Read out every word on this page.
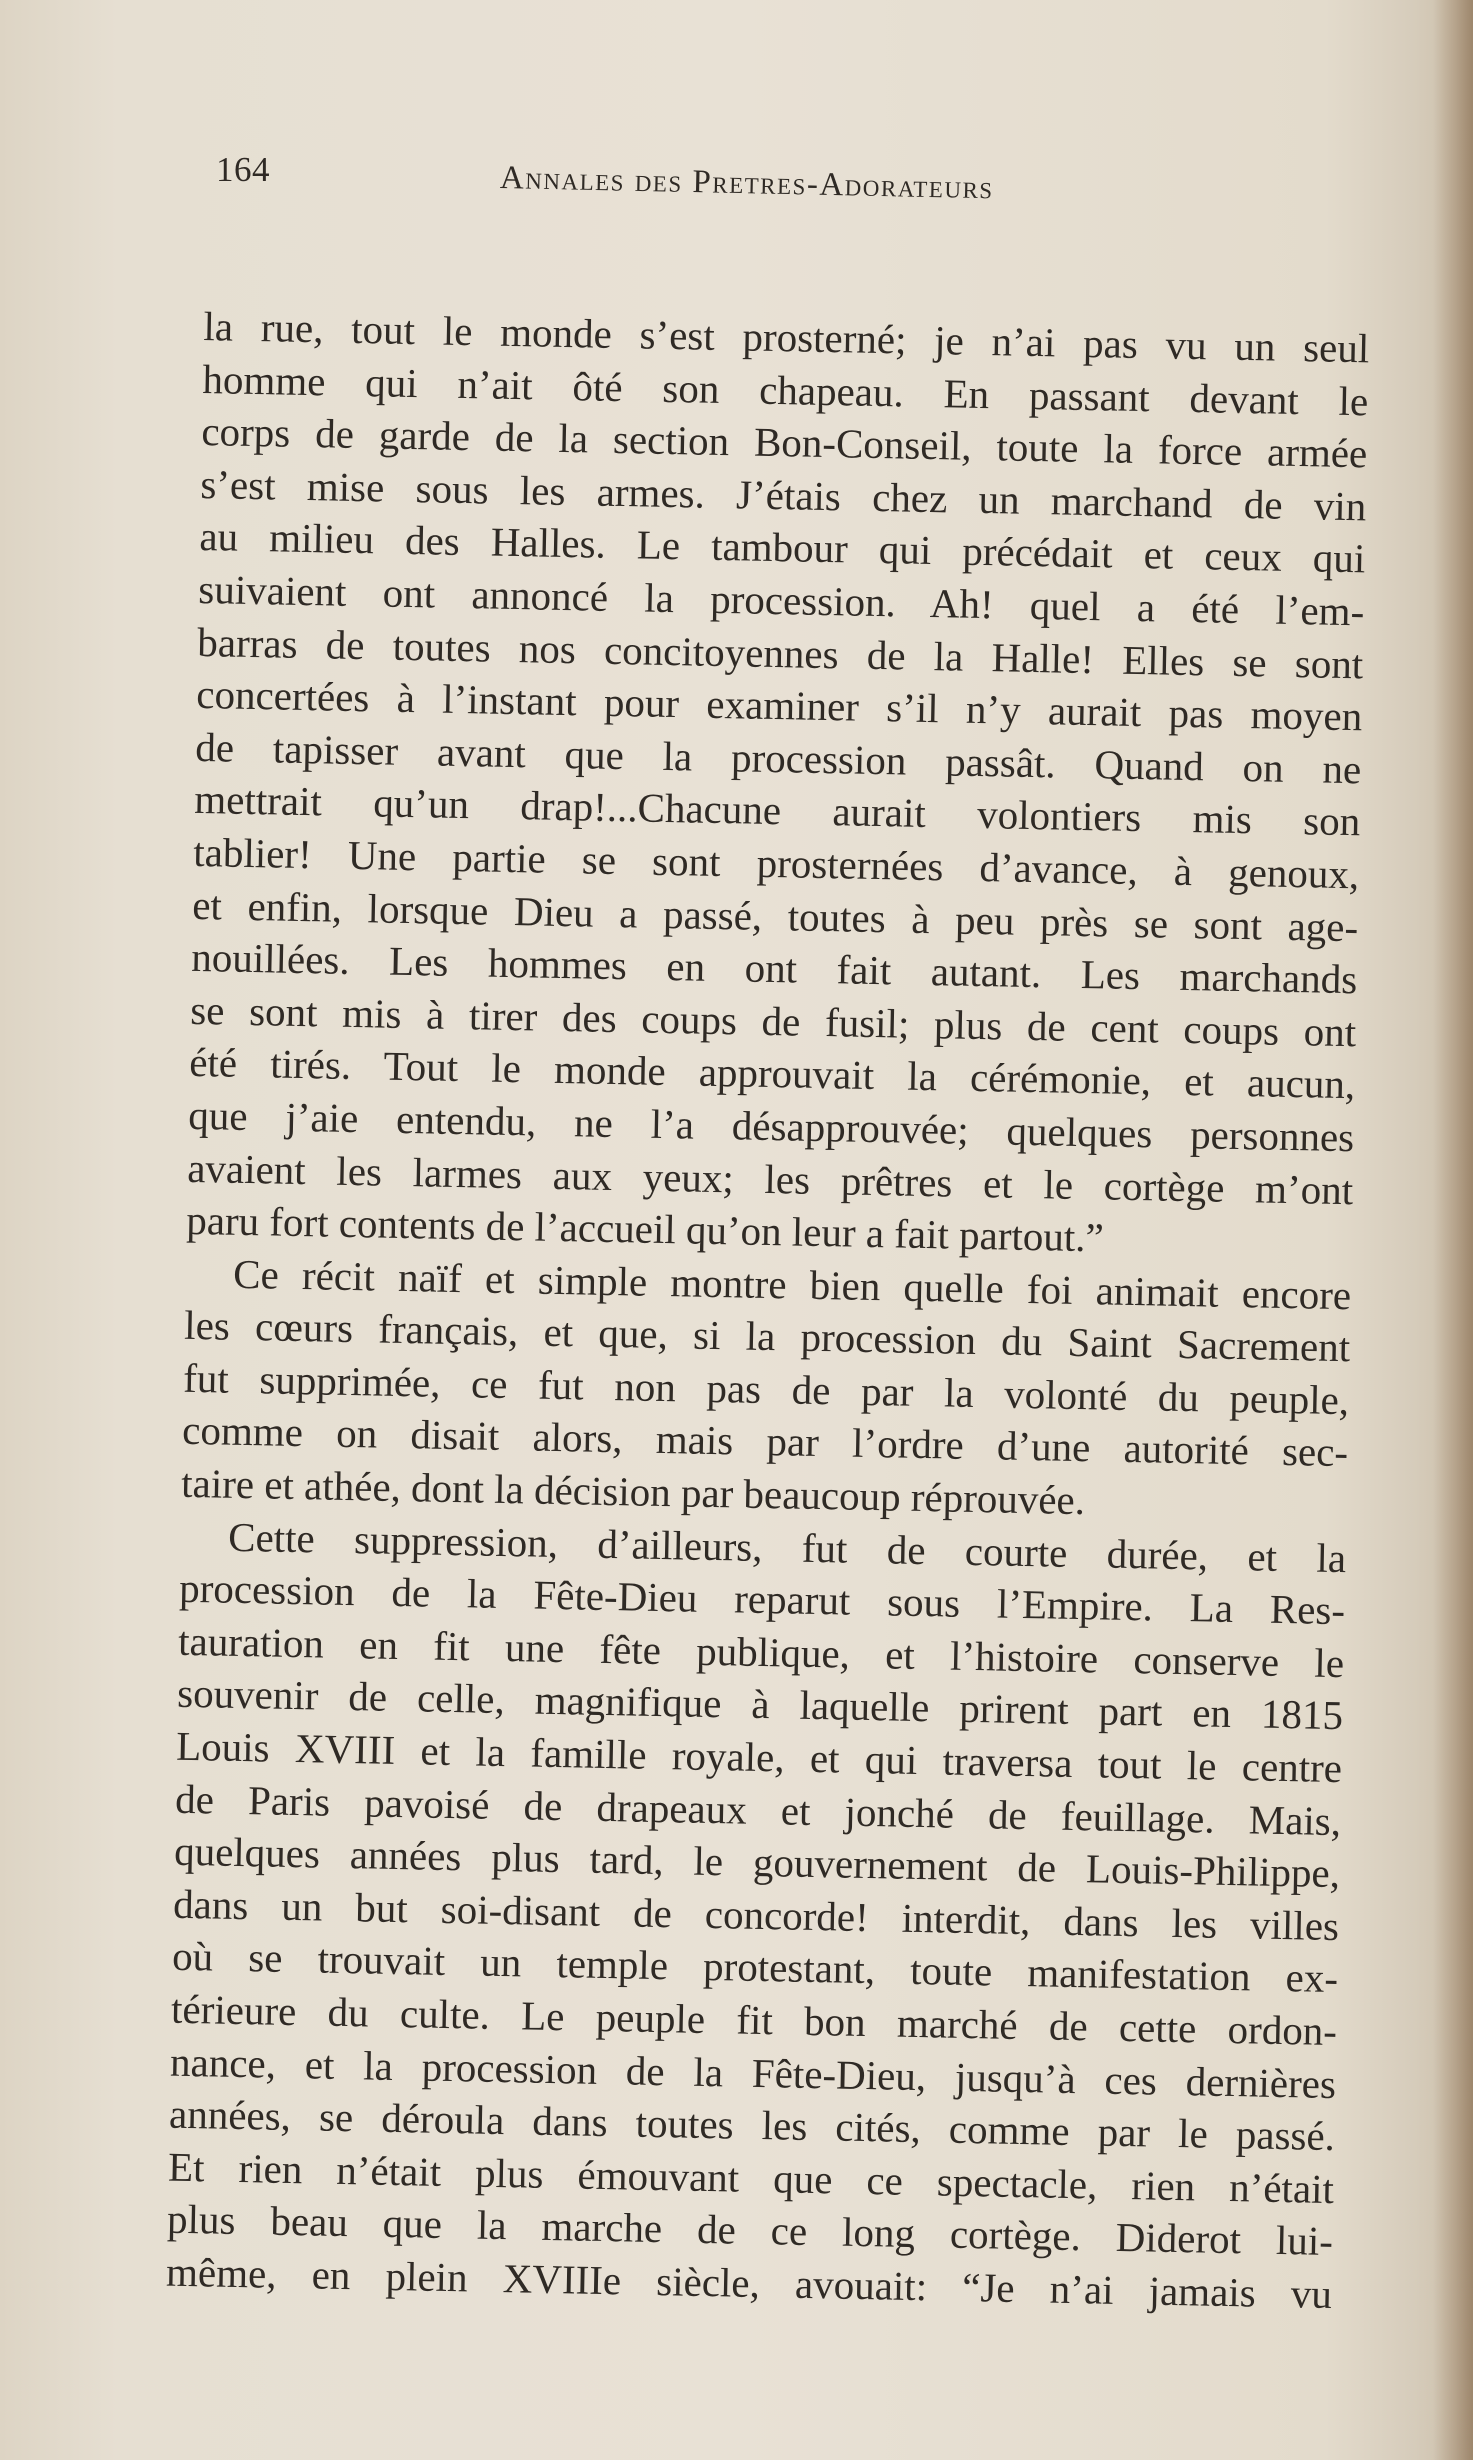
164	Annales des Pretres-Adorateurs
la rue, tout le monde s’est prosterné; je n’ai pas vu un seul
homme qui n’ait ôté son chapeau. En passant devant le
corps de garde de la section Bon-Conseil, toute la force armée
s’est mise sous les armes. J’étais chez un marchand de vin
au milieu des Halles. Le tambour qui précédait et ceux qui
suivaient ont annoncé la procession. Ah! quel a été l’em-
barras de toutes nos concitoyennes de la Halle! Elles se sont
concertées à l’instant pour examiner s’il n’y aurait pas moyen
de tapisser avant que la procession passât. Quand on ne
mettrait qu’un drap!...Chacune aurait volontiers mis son
tablier! Une partie se sont prosternées d’avance, à genoux,
et enfin, lorsque Dieu a passé, toutes à peu près se sont age-
nouillées. Les hommes en ont fait autant. Les marchands
se sont mis à tirer des coups de fusil; plus de cent coups ont
été tirés. Tout le monde approuvait la cérémonie, et aucun,
que j’aie entendu, ne l’a désapprouvée; quelques personnes
avaient les larmes aux yeux; les prêtres et le cortège m’ont
paru fort contents de l’accueil qu’on leur a fait partout.”
Ce récit naïf et simple montre bien quelle foi animait encore
les cœurs français, et que, si la procession du Saint Sacrement
fut supprimée, ce fut non pas de par la volonté du peuple,
comme on disait alors, mais par l’ordre d’une autorité sec-
taire et athée, dont la décision par beaucoup réprouvée.
Cette suppression, d’ailleurs, fut de courte durée, et la
procession de la Fête-Dieu reparut sous l’Empire. La Res-
tauration en fit une fête publique, et l’histoire conserve le
souvenir de celle, magnifique à laquelle prirent part en 1815
Louis XVIII et la famille royale, et qui traversa tout le centre
de Paris pavoisé de drapeaux et jonché de feuillage. Mais,
quelques années plus tard, le gouvernement de Louis-Philippe,
dans un but soi-disant de concorde! interdit, dans les villes
où se trouvait un temple protestant, toute manifestation ex-
térieure du culte. Le peuple fit bon marché de cette ordon-
nance, et la procession de la Fête-Dieu, jusqu’à ces dernières
années, se déroula dans toutes les cités, comme par le passé.
Et rien n’était plus émouvant que ce spectacle, rien n’était
plus beau que la marche de ce long cortège. Diderot lui-
même, en plein XVIIIe siècle, avouait: “Je n’ai jamais vu
